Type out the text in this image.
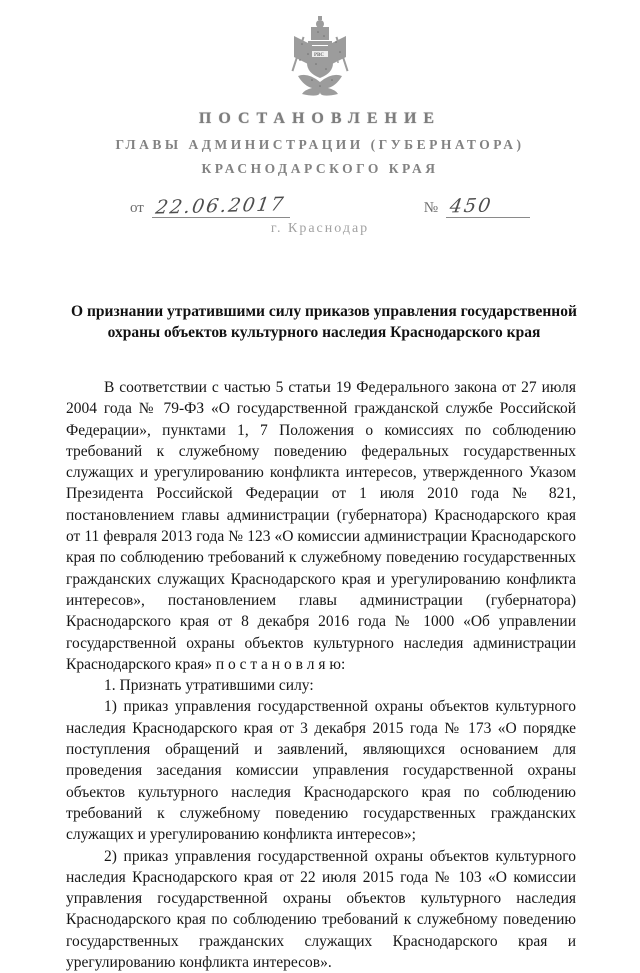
РВС
ПОСТАНОВЛЕНИЕ
ГЛАВЫ АДМИНИСТРАЦИИ (ГУБЕРНАТОРА)
КРАСНОДАРСКОГО КРАЯ
от 22.06.2017	№ 450
г. Краснодар
О признании утратившими силу приказов управления государственной охраны объектов культурного наследия Краснодарского края

В соответствии с частью 5 статьи 19 Федерального закона от 27 июля 2004 года № 79-ФЗ «О государственной гражданской службе Российской Федерации», пунктами 1, 7 Положения о комиссиях по соблюдению требований к служебному поведению федеральных государственных служащих и урегулированию конфликта интересов, утвержденного Указом Президента Российской Федерации от 1 июля 2010 года № 821, постановлением главы администрации (губернатора) Краснодарского края от 11 февраля 2013 года № 123 «О комиссии администрации Краснодарского края по соблюдению требований к служебному поведению государственных гражданских служащих Краснодарского края и урегулированию конфликта интересов», постановлением главы администрации (губернатора) Краснодарского края от 8 декабря 2016 года № 1000 «Об управлении государственной охраны объектов культурного наследия администрации Краснодарского края» п о с т а н о в л я ю:

1. Признать утратившими силу:

1) приказ управления государственной охраны объектов культурного наследия Краснодарского края от 3 декабря 2015 года № 173 «О порядке поступления обращений и заявлений, являющихся основанием для проведения заседания комиссии управления государственной охраны объектов культурного наследия Краснодарского края по соблюдению требований к служебному поведению государственных гражданских служащих и урегулированию конфликта интересов»;

2) приказ управления государственной охраны объектов культурного наследия Краснодарского края от 22 июля 2015 года № 103 «О комиссии управления государственной охраны объектов культурного наследия Краснодарского края по соблюдению требований к служебному поведению государственных гражданских служащих Краснодарского края и урегулированию конфликта интересов».
